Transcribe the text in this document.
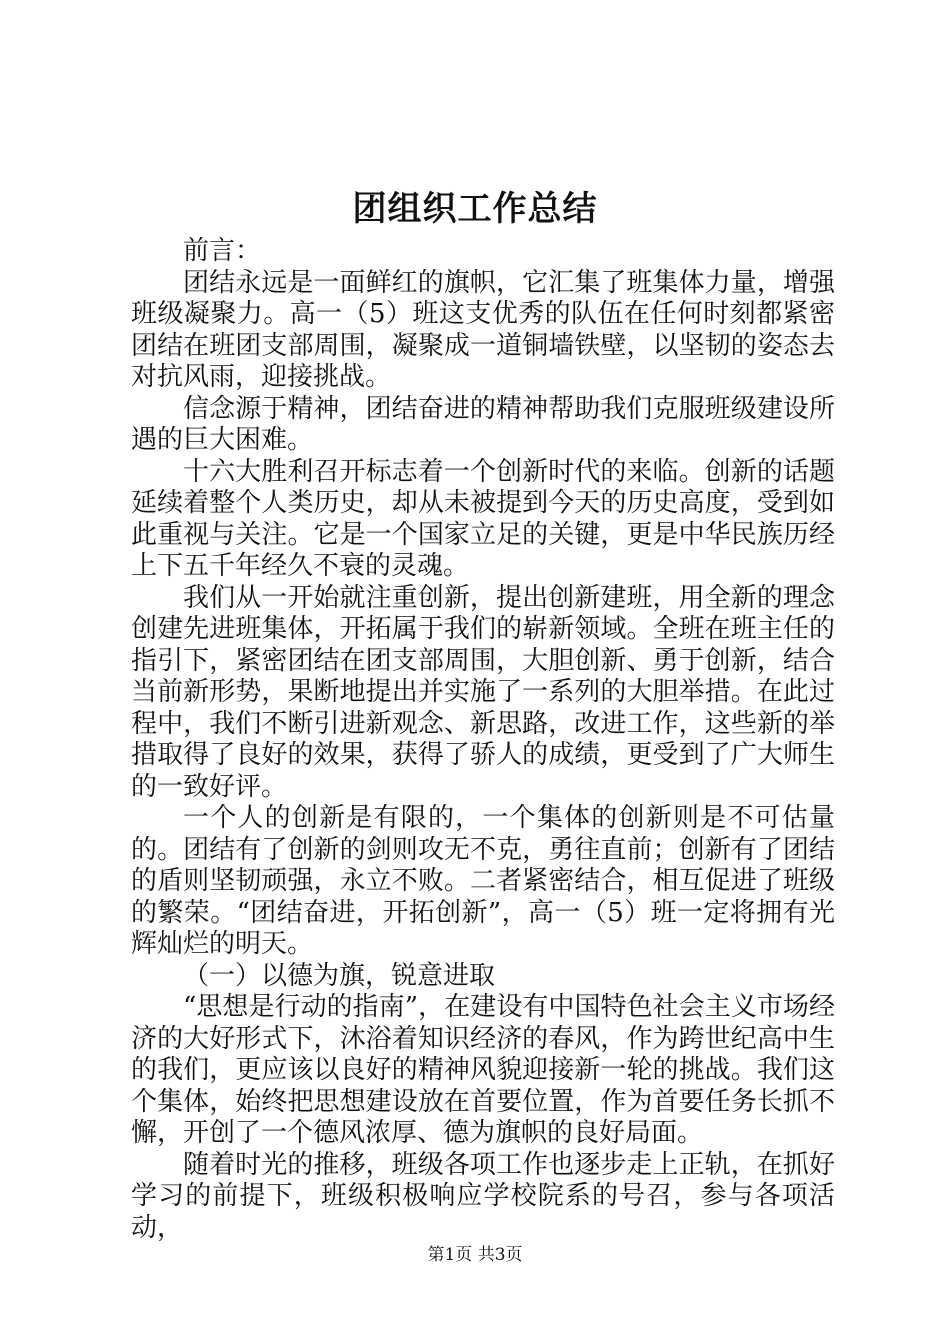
团组织工作总结

前言：

团结永远是一面鲜红的旗帜，它汇集了班集体力量，增强班级凝聚力。高一（5）班这支优秀的队伍在任何时刻都紧密团结在班团支部周围，凝聚成一道铜墙铁壁，以坚韧的姿态去对抗风雨，迎接挑战。

信念源于精神，团结奋进的精神帮助我们克服班级建设所遇的巨大困难。

十六大胜利召开标志着一个创新时代的来临。创新的话题延续着整个人类历史，却从未被提到今天的历史高度，受到如此重视与关注。它是一个国家立足的关键，更是中华民族历经上下五千年经久不衰的灵魂。

我们从一开始就注重创新，提出创新建班，用全新的理念创建先进班集体，开拓属于我们的崭新领域。全班在班主任的指引下，紧密团结在团支部周围，大胆创新、勇于创新，结合当前新形势，果断地提出并实施了一系列的大胆举措。在此过程中，我们不断引进新观念、新思路，改进工作，这些新的举措取得了良好的效果，获得了骄人的成绩，更受到了广大师生的一致好评。

一个人的创新是有限的，一个集体的创新则是不可估量的。团结有了创新的剑则攻无不克，勇往直前；创新有了团结的盾则坚韧顽强，永立不败。二者紧密结合，相互促进了班级的繁荣。“团结奋进，开拓创新”，高一（5）班一定将拥有光辉灿烂的明天。

（一）以德为旗，锐意进取

“思想是行动的指南”，在建设有中国特色社会主义市场经济的大好形式下，沐浴着知识经济的春风，作为跨世纪高中生的我们，更应该以良好的精神风貌迎接新一轮的挑战。我们这个集体，始终把思想建设放在首要位置，作为首要任务长抓不懈，开创了一个德风浓厚、德为旗帜的良好局面。

随着时光的推移，班级各项工作也逐步走上正轨，在抓好学习的前提下，班级积极响应学校院系的号召，参与各项活动，

第1页 共3页
